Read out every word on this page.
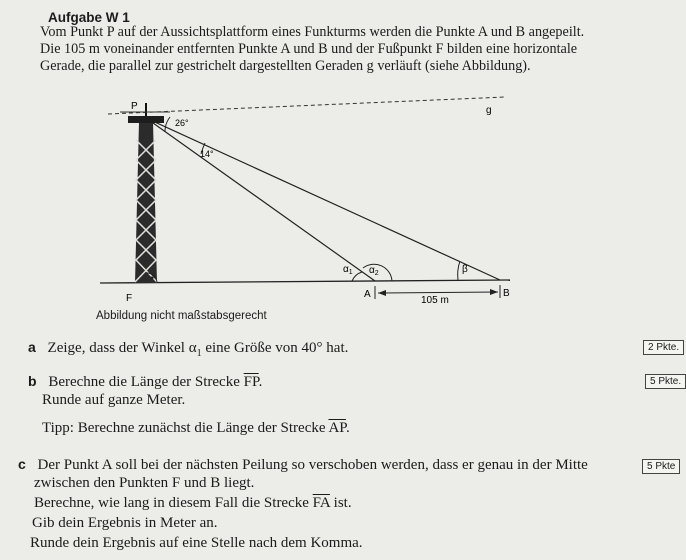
Aufgabe W 1
Vom Punkt P auf der Aussichtsplattform eines Funkturms werden die Punkte A und B angepeilt.
Die 105 m voneinander entfernten Punkte A und B und der Fußpunkt F bilden eine horizontale
Gerade, die parallel zur gestrichelt dargestellten Geraden g verläuft (siehe Abbildung).
P	g
F	A	B
26°
14°
$\alpha_1$ $\alpha_2$	β
105 m
Abbildung nicht maßstabsgerecht
a Zeige, dass der Winkel $\alpha_1$ eine Größe von 40° hat.	2 Pkte.
b Berechne die Länge der Strecke $\overline{FP}$.	5 Pkte.
Runde auf ganze Meter.
Tipp: Berechne zunächst die Länge der Strecke $\overline{AP}$.
c Der Punkt A soll bei der nächsten Peilung so verschoben werden, dass er genau in der Mitte	5 Pkte
zwischen den Punkten F und B liegt.
Berechne, wie lang in diesem Fall die Strecke $\overline{FA}$ ist.
Gib dein Ergebnis in Meter an.
Runde dein Ergebnis auf eine Stelle nach dem Komma.
